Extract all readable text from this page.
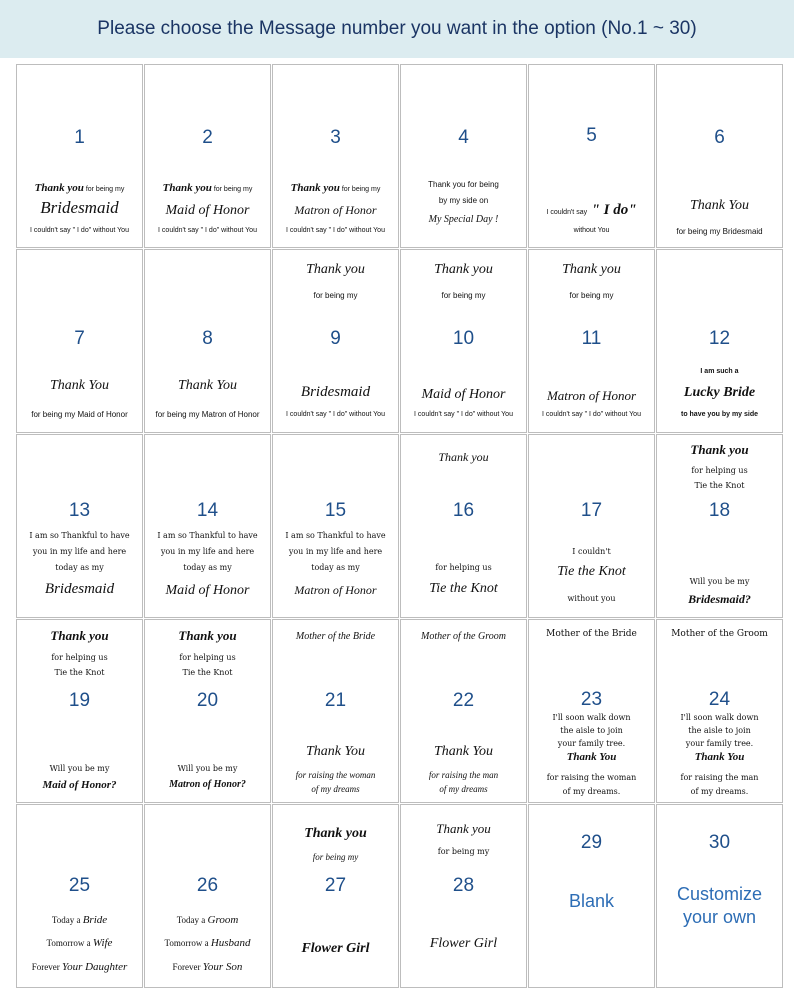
Please choose the Message number you want in the option (No.1 ~ 30)
1
Thank you for being my
Bridesmaid
I couldn't say " I do" without You
2
Thank you for being my
Maid of Honor
I couldn't say " I do" without You
3
Thank you for being my
Matron of Honor
I couldn't say " I do" without You
4
Thank you for being
by my side on
My Special Day !
5
I couldn't say " I do"
without You
6
Thank You
for being my Bridesmaid
7
Thank You
for being my Maid of Honor
8
Thank You
for being my Matron of Honor
Thank you
for being my
9
Bridesmaid
I couldn't say " I do" without You
Thank you
for being my
10
Maid of Honor
I couldn't say " I do" without You
Thank you
for being my
11
Matron of Honor
I couldn't say " I do" without You
12
I am such a
Lucky Bride
to have you by my side
13
I am so Thankful to have
you in my life and here
today as my
Bridesmaid
14
I am so Thankful to have
you in my life and here
today as my
Maid of Honor
15
I am so Thankful to have
you in my life and here
today as my
Matron of Honor
Thank you
16
for helping us
Tie the Knot
17
I couldn't
Tie the Knot
without you
Thank you
for helping us
Tie the Knot
18
Will you be my
Bridesmaid?
Thank you
for helping us
Tie the Knot
19
Will you be my
Maid of Honor?
Thank you
for helping us
Tie the Knot
20
Will you be my
Matron of Honor?
Mother of the Bride
21
Thank You
for raising the woman
of my dreams
Mother of the Groom
22
Thank You
for raising the man
of my dreams
Mother of the Bride
23
I'll soon walk down
the aisle to join
your family tree.
Thank You
for raising the woman
of my dreams.
Mother of the Groom
24
I'll soon walk down
the aisle to join
your family tree.
Thank You
for raising the man
of my dreams.
25
Today a Bride
Tomorrow a Wife
Forever Your Daughter
26
Today a Groom
Tomorrow a Husband
Forever Your Son
Thank you
for being my
27
Flower Girl
Thank you
for being my
28
Flower Girl
29
Blank
30
Customize
your own
